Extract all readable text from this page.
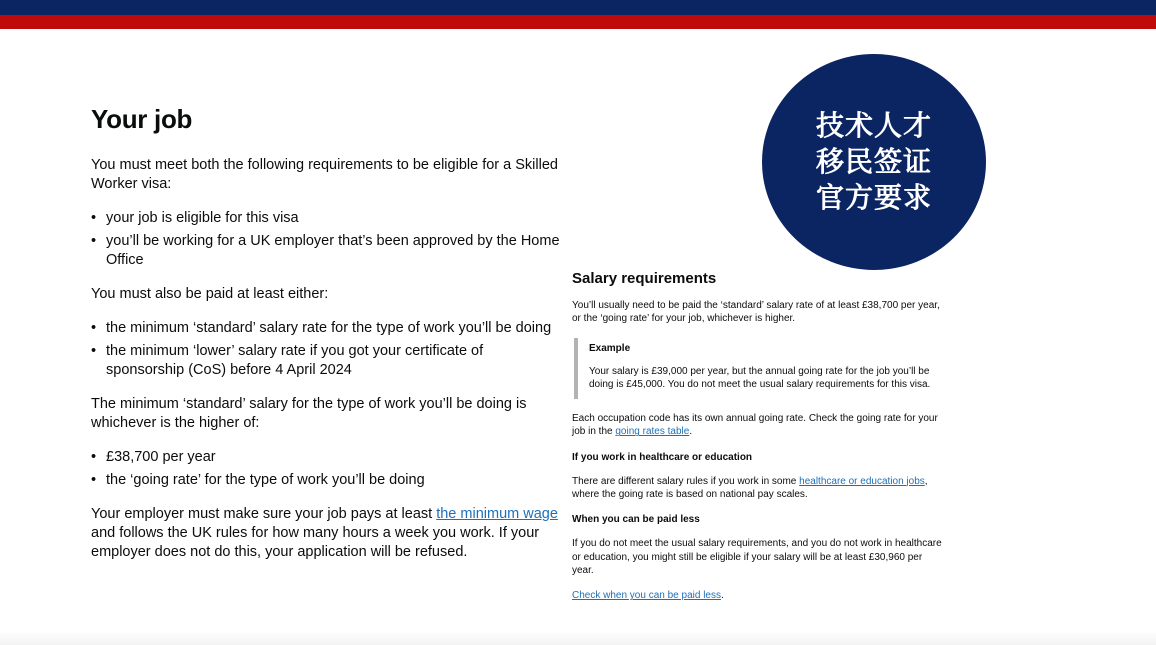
Your job

You must meet both the following requirements to be eligible for a Skilled Worker visa:

• your job is eligible for this visa
• you’ll be working for a UK employer that’s been approved by the Home Office

You must also be paid at least either:

• the minimum ‘standard’ salary rate for the type of work you’ll be doing
• the minimum ‘lower’ salary rate if you got your certificate of sponsorship (CoS) before 4 April 2024

The minimum ‘standard’ salary for the type of work you’ll be doing is whichever is the higher of:

• £38,700 per year
• the ‘going rate’ for the type of work you’ll be doing

Your employer must make sure your job pays at least the minimum wage and follows the UK rules for how many hours a week you work. If your employer does not do this, your application will be refused.

技术人才
移民签证
官方要求
Salary requirements

You’ll usually need to be paid the ‘standard’ salary rate of at least £38,700 per year, or the ‘going rate’ for your job, whichever is higher.

Example

Your salary is £39,000 per year, but the annual going rate for the job you’ll be doing is £45,000. You do not meet the usual salary requirements for this visa.

Each occupation code has its own annual going rate. Check the going rate for your job in the going rates table.

If you work in healthcare or education

There are different salary rules if you work in some healthcare or education jobs, where the going rate is based on national pay scales.

When you can be paid less

If you do not meet the usual salary requirements, and you do not work in healthcare or education, you might still be eligible if your salary will be at least £30,960 per year.

Check when you can be paid less.
